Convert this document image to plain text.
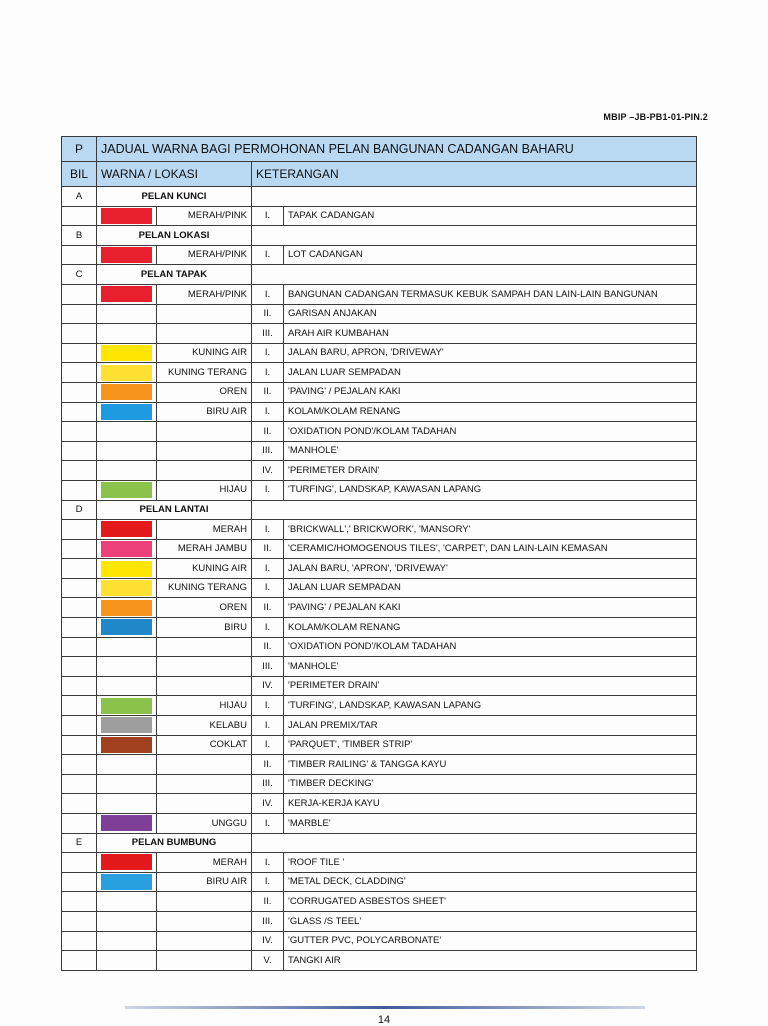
MBIP –JB-PB1-01-PIN.2
P	JADUAL WARNA BAGI PERMOHONAN PELAN BANGUNAN CADANGAN BAHARU			
BIL	WARNA / LOKASI		KETERANGAN	
A	PELAN KUNCI			

	MERAH/PINK	I.	TAPAK CADANGAN
B	PELAN LOKASI			

	MERAH/PINK	I.	LOT CADANGAN
C	PELAN TAPAK			

	MERAH/PINK	I.	BANGUNAN CADANGAN TERMASUK KEBUK SAMPAH DAN LAIN-LAIN BANGUNAN
			II.	GARISAN ANJAKAN
			III.	ARAH AIR KUMBAHAN

	KUNING AIR	I.	JALAN BARU, APRON, 'DRIVEWAY'

	KUNING TERANG	I.	JALAN LUAR SEMPADAN

	OREN	II.	'PAVING' / PEJALAN KAKI

	BIRU AIR	I.	KOLAM/KOLAM RENANG
			II.	'OXIDATION POND'/KOLAM TADAHAN
			III.	'MANHOLE'
			IV.	'PERIMETER DRAIN'

	HIJAU	I.	'TURFING', LANDSKAP, KAWASAN LAPANG
D	PELAN LANTAI			

	MERAH	I.	'BRICKWALL',' BRICKWORK', 'MANSORY'

	MERAH JAMBU	II.	'CERAMIC/HOMOGENOUS TILES', 'CARPET', DAN LAIN-LAIN KEMASAN

	KUNING AIR	I.	JALAN BARU, 'APRON', 'DRIVEWAY'

	KUNING TERANG	I.	JALAN LUAR SEMPADAN

	OREN	II.	'PAVING' / PEJALAN KAKI

	BIRU	I.	KOLAM/KOLAM RENANG
			II.	'OXIDATION POND'/KOLAM TADAHAN
			III.	'MANHOLE'
			IV.	'PERIMETER DRAIN'

	HIJAU	I.	'TURFING', LANDSKAP, KAWASAN LAPANG

	KELABU	I.	JALAN PREMIX/TAR

	COKLAT	I.	'PARQUET', 'TIMBER STRIP'
			II.	'TIMBER RAILING' & TANGGA KAYU
			III.	'TIMBER DECKING'
			IV.	KERJA-KERJA KAYU

	UNGGU	I.	'MARBLE'
E	PELAN BUMBUNG			

	MERAH	I.	'ROOF TILE '

	BIRU AIR	I.	'METAL DECK, CLADDING'
			II.	'CORRUGATED ASBESTOS SHEET'
			III.	'GLASS /S TEEL'
			IV.	'GUTTER PVC, POLYCARBONATE'
			V.	TANGKI AIR
14
